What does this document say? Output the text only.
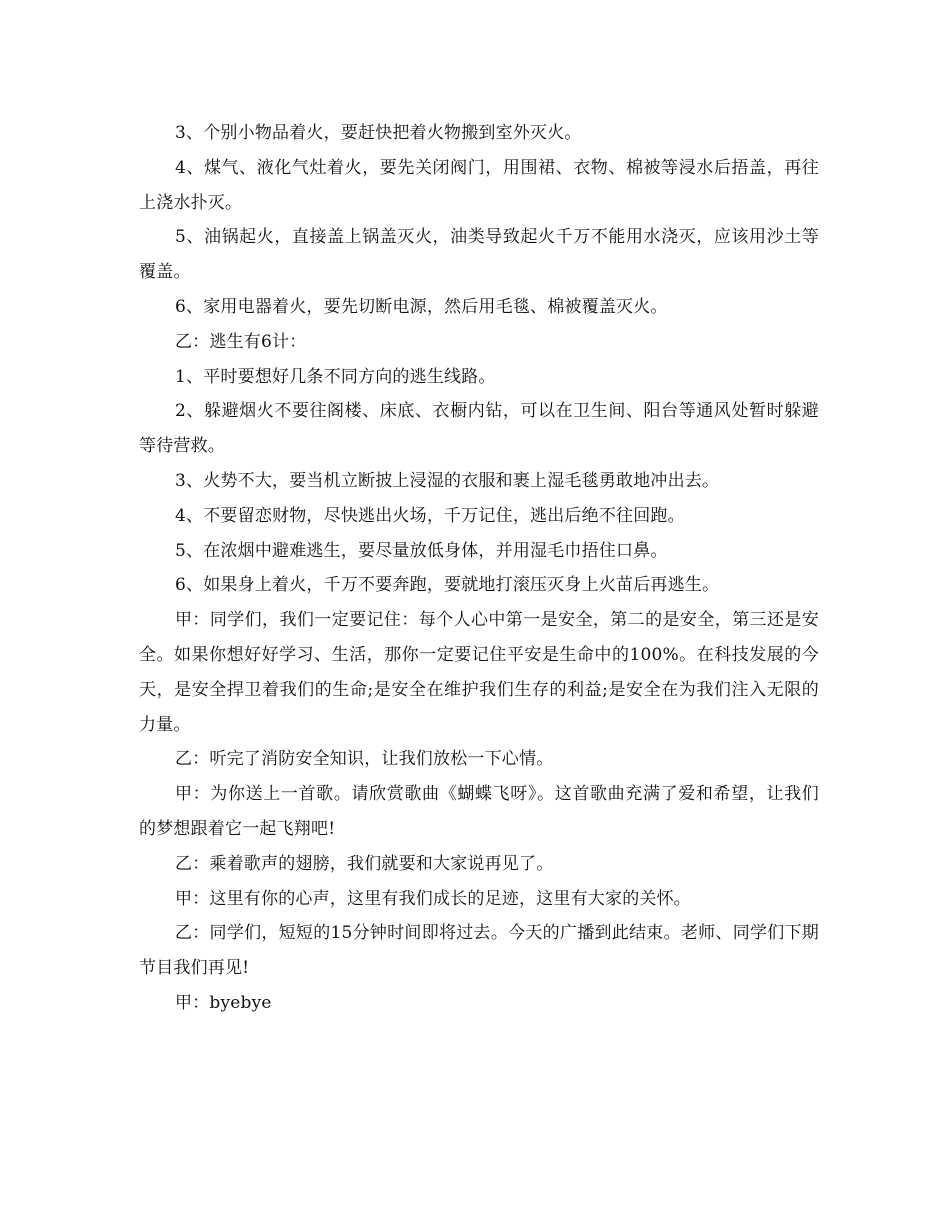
3、个别小物品着火，要赶快把着火物搬到室外灭火。

4、煤气、液化气灶着火，要先关闭阀门，用围裙、衣物、棉被等浸水后捂盖，再往上浇水扑灭。

5、油锅起火，直接盖上锅盖灭火，油类导致起火千万不能用水浇灭，应该用沙土等覆盖。

6、家用电器着火，要先切断电源，然后用毛毯、棉被覆盖灭火。

乙：逃生有6计：

1、平时要想好几条不同方向的逃生线路。

2、躲避烟火不要往阁楼、床底、衣橱内钻，可以在卫生间、阳台等通风处暂时躲避等待营救。

3、火势不大，要当机立断披上浸湿的衣服和裹上湿毛毯勇敢地冲出去。

4、不要留恋财物，尽快逃出火场，千万记住，逃出后绝不往回跑。

5、在浓烟中避难逃生，要尽量放低身体，并用湿毛巾捂住口鼻。

6、如果身上着火，千万不要奔跑，要就地打滚压灭身上火苗后再逃生。

甲：同学们，我们一定要记住：每个人心中第一是安全，第二的是安全，第三还是安全。如果你想好好学习、生活，那你一定要记住平安是生命中的100%。在科技发展的今天，是安全捍卫着我们的生命;是安全在维护我们生存的利益;是安全在为我们注入无限的力量。

乙：听完了消防安全知识，让我们放松一下心情。

甲：为你送上一首歌。请欣赏歌曲《蝴蝶飞呀》。这首歌曲充满了爱和希望，让我们的梦想跟着它一起飞翔吧!

乙：乘着歌声的翅膀，我们就要和大家说再见了。

甲：这里有你的心声，这里有我们成长的足迹，这里有大家的关怀。

乙：同学们，短短的15分钟时间即将过去。今天的广播到此结束。老师、同学们下期节目我们再见!

甲：byebye
